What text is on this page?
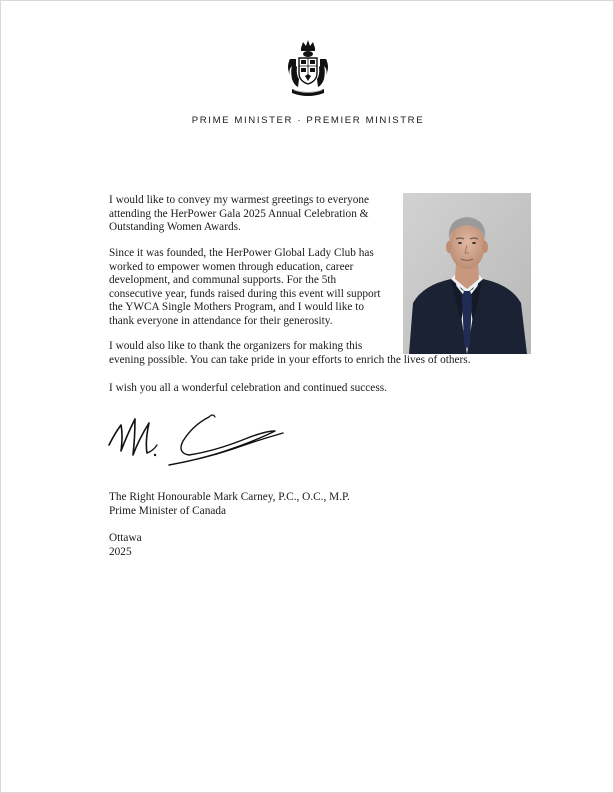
PRIME MINISTER · PREMIER MINISTRE
I would like to convey my warmest greetings to everyone
attending the HerPower Gala 2025 Annual Celebration &
Outstanding Women Awards.
Since it was founded, the HerPower Global Lady Club has
worked to empower women through education, career
development, and communal supports. For the 5th
consecutive year, funds raised during this event will support
the YWCA Single Mothers Program, and I would like to
thank everyone in attendance for their generosity.
I would also like to thank the organizers for making this
evening possible. You can take pride in your efforts to enrich the lives of others.
I wish you all a wonderful celebration and continued success.
The Right Honourable Mark Carney, P.C., O.C., M.P.
Prime Minister of Canada
Ottawa
2025
